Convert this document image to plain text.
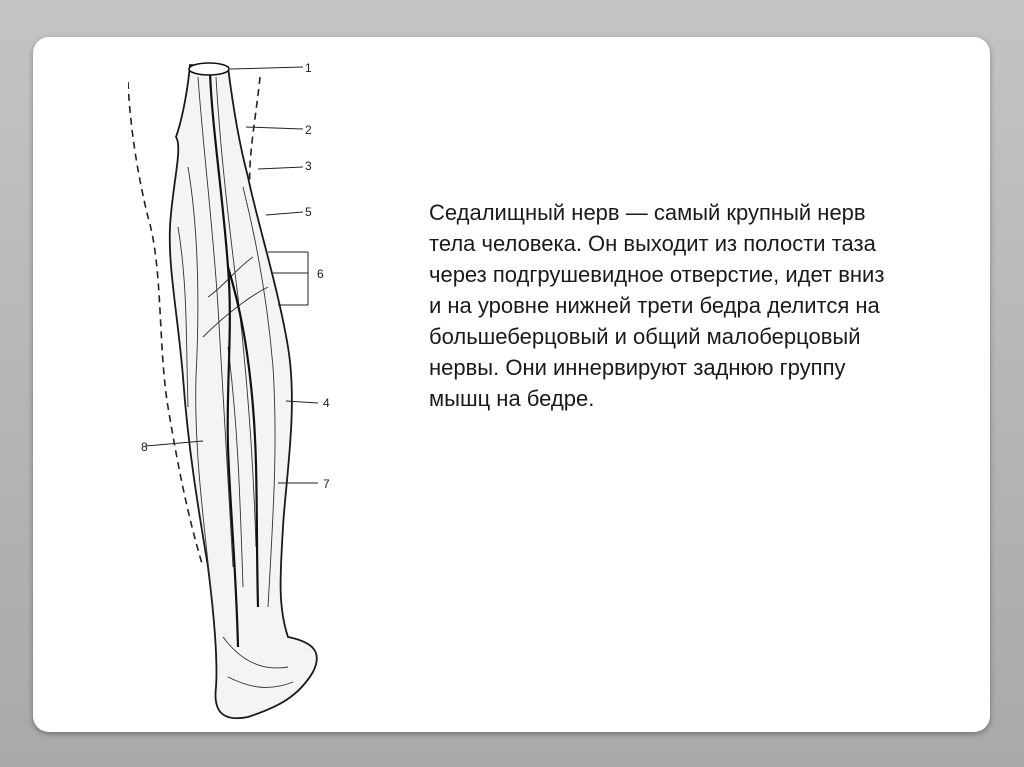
1
2
3
5
6
4
8
7
Седалищный нерв — самый крупный нерв тела человека. Он выходит из полости таза через подгрушевидное отверстие, идет вниз и на уровне нижней трети бедра делится на большеберцовый и общий малоберцовый нервы. Они иннервируют заднюю группу мышц на бедре.
